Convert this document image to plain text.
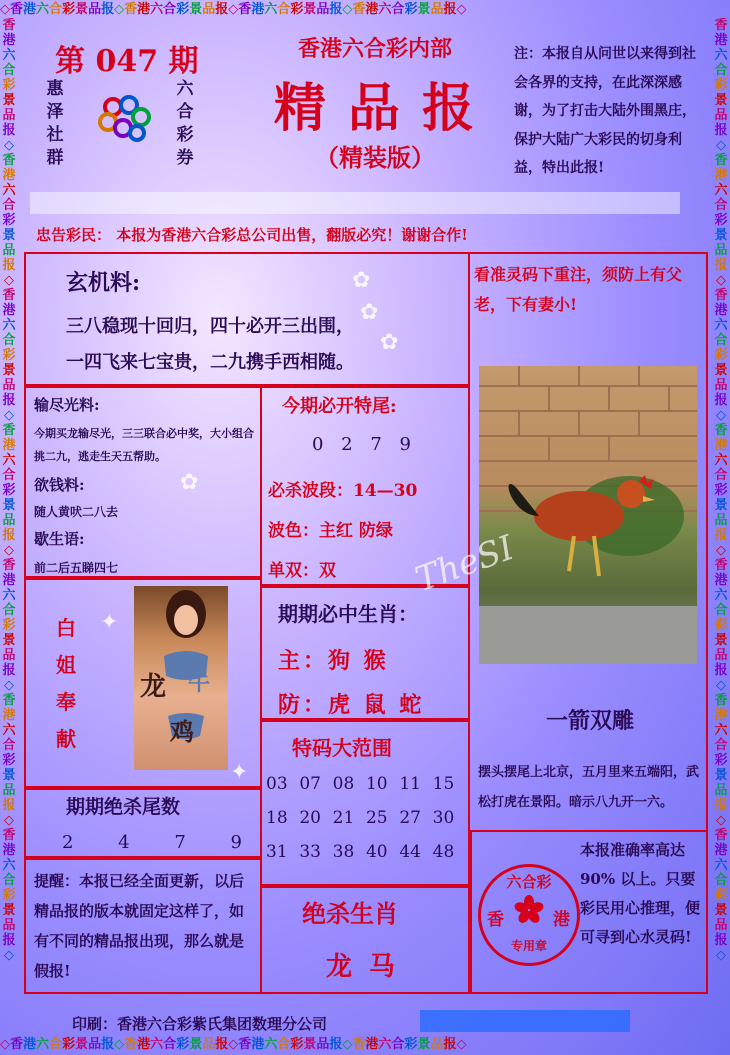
◇香港六合彩景品报◇香港六合彩景品报◇香港六合彩景品报◇香港六合彩景品报◇
◇香港六合彩景品报◇香港六合彩景品报◇香港六合彩景品报◇香港六合彩景品报◇
香港六合彩景品报◇香港六合彩景品报◇香港六合彩景品报◇香港六合彩景品报◇香港六合彩景品报◇香港六合彩景品报◇香港六合彩景品报◇
香港六合彩景品报◇香港六合彩景品报◇香港六合彩景品报◇香港六合彩景品报◇香港六合彩景品报◇香港六合彩景品报◇香港六合彩景品报◇
第 047 期
惠
泽
社
群
六
合
彩
券
香港六合彩内部
精 品 报
（精装版）
注：本报自从问世以来得到社会各界的支持，在此深深感谢，为了打击大陆外围黑庄，保护大陆广大彩民的切身利益，特出此报!
忠告彩民： 本报为香港六合彩总公司出售，翻版必究！谢谢合作!
玄机料:
三八稳现十回归，四十必开三出围，
一四飞来七宝贵，二九携手西相随。
看准灵码下重注，须防上有父老，下有妻小!
输尽光料:
今期买龙输尽光，三三联合必中奖，大小组合挑二九，逃走生天五帮助。
欲钱料:
随人黄吠二八去
歇生语:
前二后五睇四七
今期必开特尾:
0 2 7 9
必杀波段：14—30
波色：主红 防绿
单双：双
白
姐
奉
献
龙 牛
鸡
期期必中生肖：
主：狗 猴
防：虎 鼠 蛇
TheSI
一箭双雕
摆头摆尾上北京，五月里来五端阳，武松打虎在景阳。暗示八九开一六。
期期绝杀尾数
2 4 7 9
特码大范围
03 07 08 10 11 15
18 20 21 25 27 30
31 33 38 40 44 48
提醒：本报已经全面更新，以后精品报的版本就固定这样了，如有不同的精品报出现，那么就是假报!
绝杀生肖
龙 马
本报准确率高达 90% 以上。只要彩民用心推理，便可寻到心水灵码!
六合彩
香	港
专用章
印刷：香港六合彩紫氏集团数理分公司
✿
✿
✿
✿
✦
✦
